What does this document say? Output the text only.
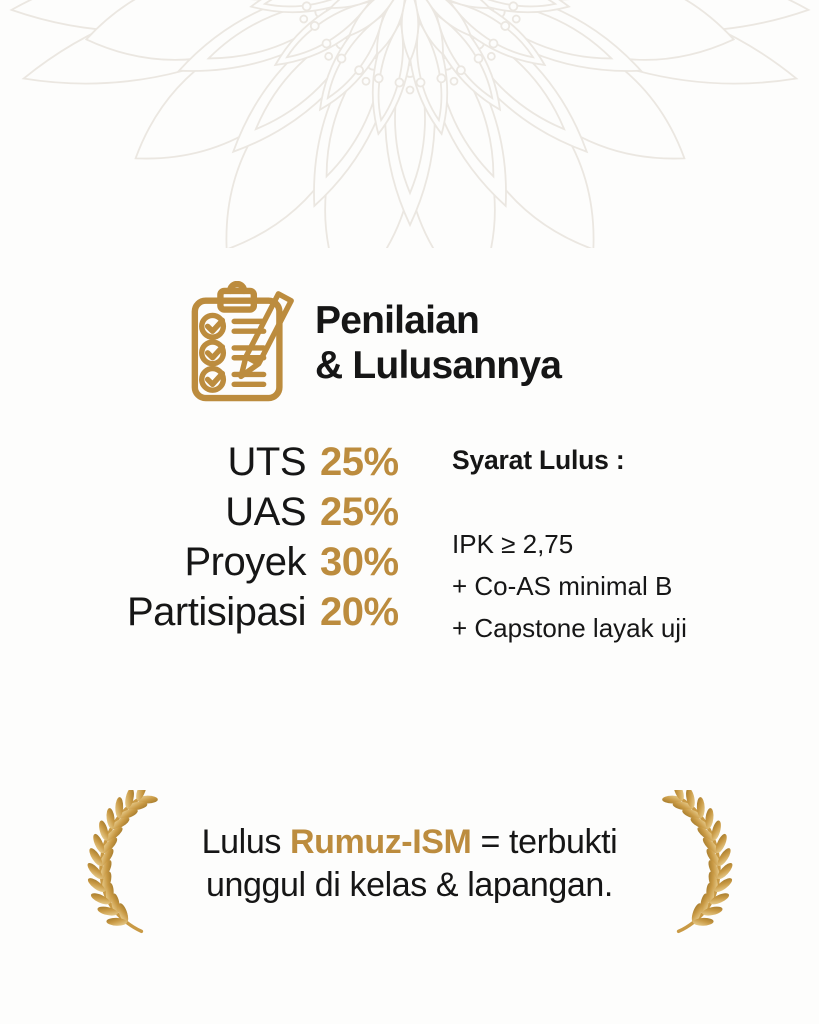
Penilaian
& Lulusannya
UTS 25%
UAS 25%
Proyek 30%
Partisipasi 20%
Syarat Lulus :
IPK ≥ 2,75
+ Co-AS minimal B
+ Capstone layak uji
Lulus Rumuz-ISM = terbukti
unggul di kelas & lapangan.
